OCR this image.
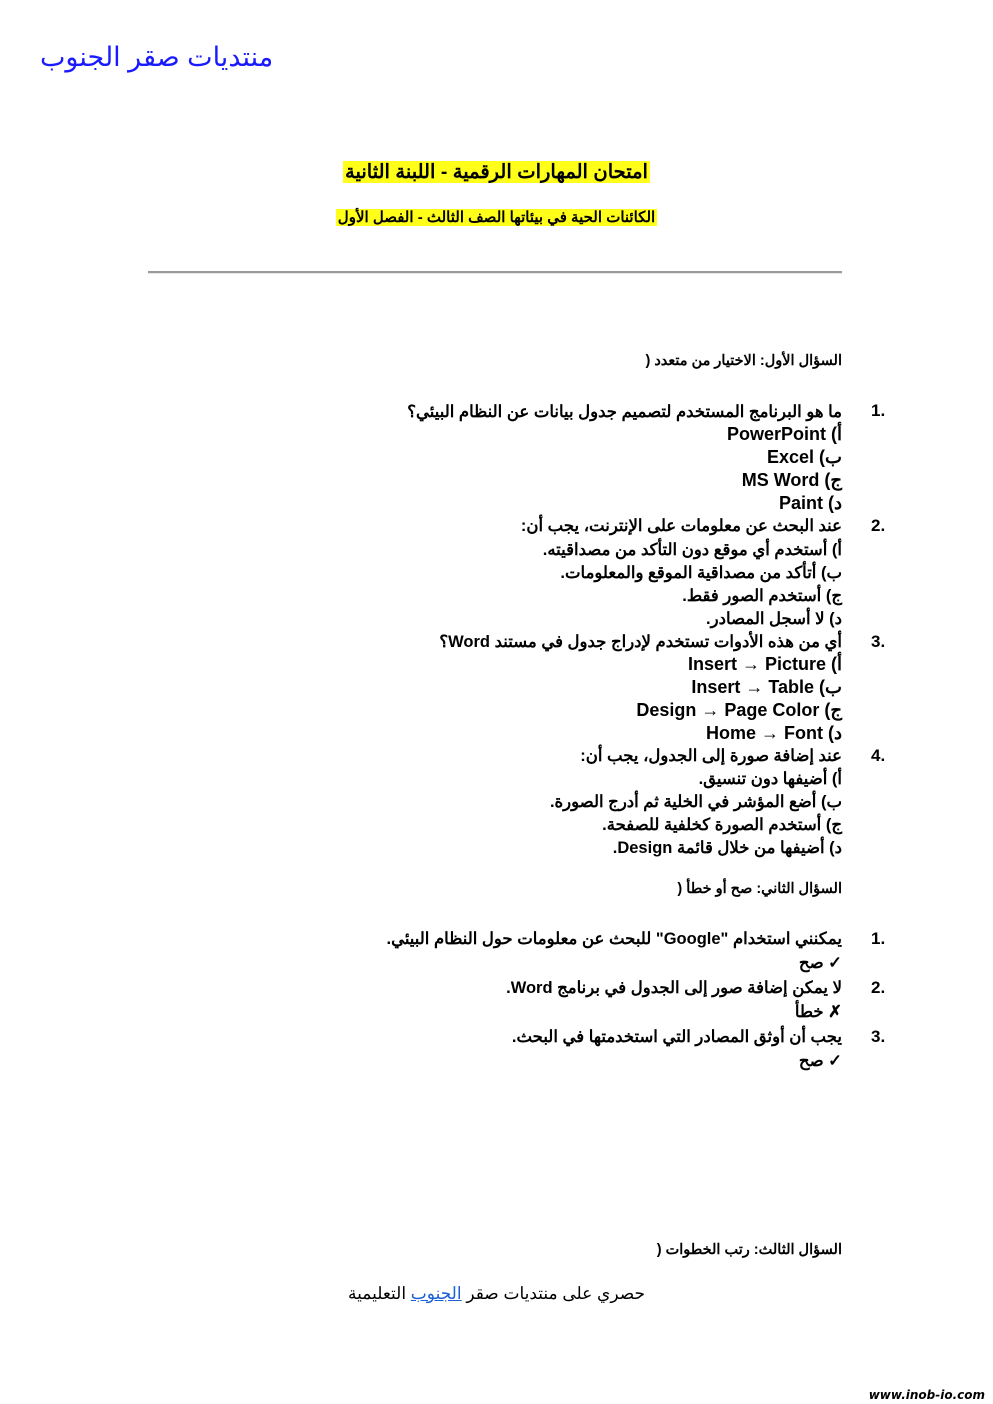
منتديات صقر الجنوب
امتحان المهارات الرقمية - اللبنة الثانية
الكائنات الحية في بيئاتها الصف الثالث - الفصل الأول
السؤال الأول: الاختيار من متعدد (
1.
ما هو البرنامج المستخدم لتصميم جدول بيانات عن النظام البيئي؟
أ) PowerPoint
ب) Excel
ج) MS Word
د) Paint
2.
عند البحث عن معلومات على الإنترنت، يجب أن:
أ) أستخدم أي موقع دون التأكد من مصداقيته.
ب) أتأكد من مصداقية الموقع والمعلومات.
ج) أستخدم الصور فقط.
د) لا أسجل المصادر.
3.
أي من هذه الأدوات تستخدم لإدراج جدول في مستند Word؟
أ) Insert → Picture
ب) Insert → Table
ج) Design → Page Color
د) Home → Font
4.
عند إضافة صورة إلى الجدول، يجب أن:
أ) أضيفها دون تنسيق.
ب) أضع المؤشر في الخلية ثم أدرج الصورة.
ج) أستخدم الصورة كخلفية للصفحة.
د) أضيفها من خلال قائمة Design.
السؤال الثاني: صح أو خطأ (
1.
يمكنني استخدام "Google" للبحث عن معلومات حول النظام البيئي.
✓ صح
2.
لا يمكن إضافة صور إلى الجدول في برنامج Word.
✗ خطأ
3.
يجب أن أوثق المصادر التي استخدمتها في البحث.
✓ صح
السؤال الثالث: رتب الخطوات (
حصري على منتديات صقر الجنوب التعليمية
www.inob-io.com
